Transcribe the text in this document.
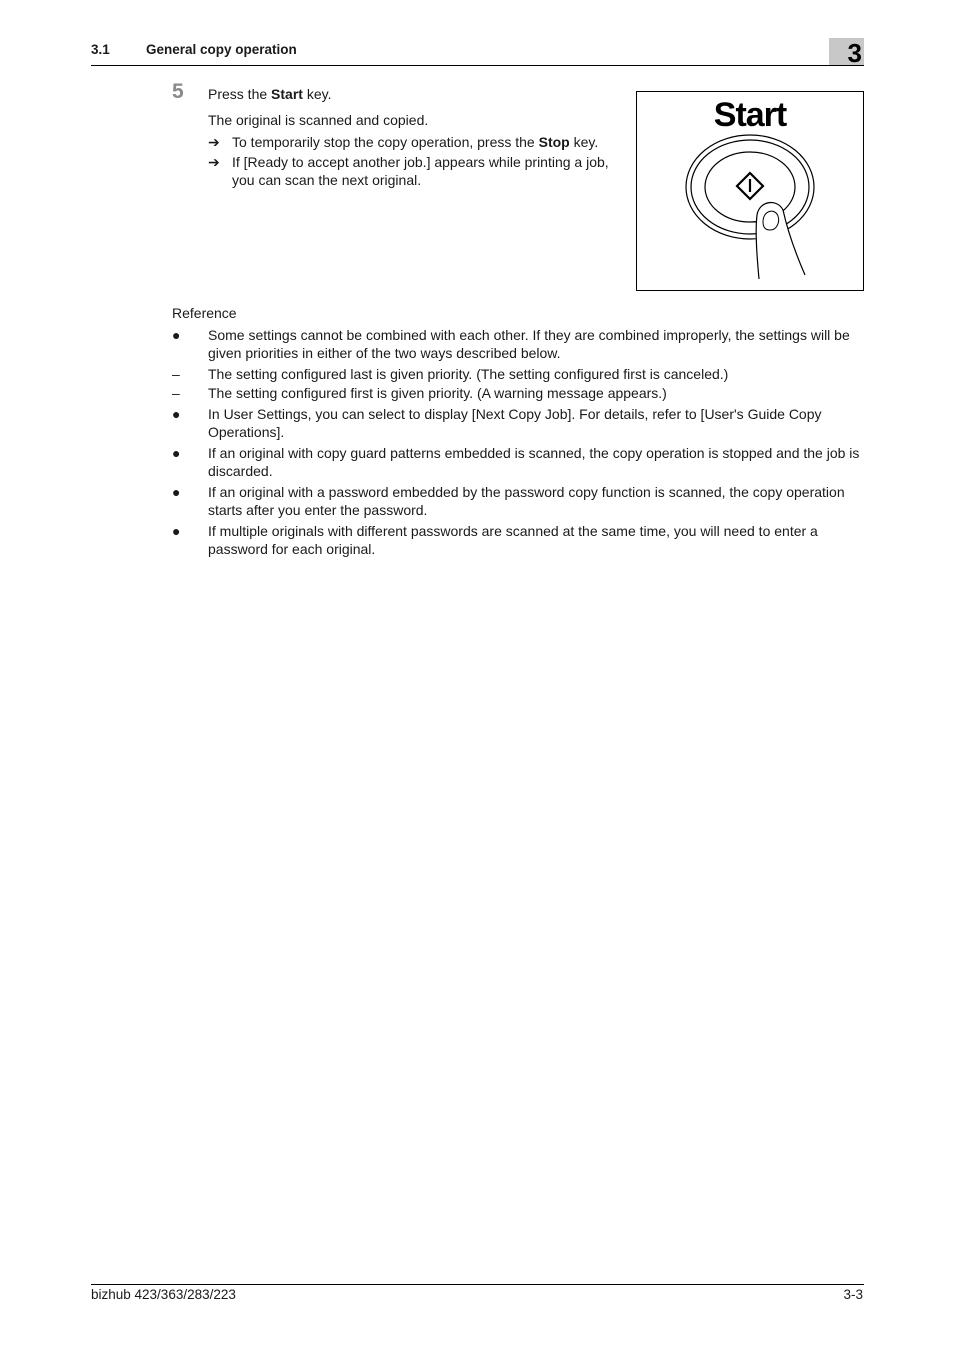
3.1	General copy operation	3
5 Press the Start key.
The original is scanned and copied.
➔ To temporarily stop the copy operation, press the Stop key.
➔ If [Ready to accept another job.] appears while printing a job, you can scan the next original.
Start
Reference
●	Some settings cannot be combined with each other. If they are combined improperly, the settings will be given priorities in either of the two ways described below.
–	The setting configured last is given priority. (The setting configured first is canceled.)
–	The setting configured first is given priority. (A warning message appears.)
●	In User Settings, you can select to display [Next Copy Job]. For details, refer to [User's Guide Copy Operations].
●	If an original with copy guard patterns embedded is scanned, the copy operation is stopped and the job is discarded.
●	If an original with a password embedded by the password copy function is scanned, the copy operation starts after you enter the password.
●	If multiple originals with different passwords are scanned at the same time, you will need to enter a password for each original.
bizhub 423/363/283/223	3-3
